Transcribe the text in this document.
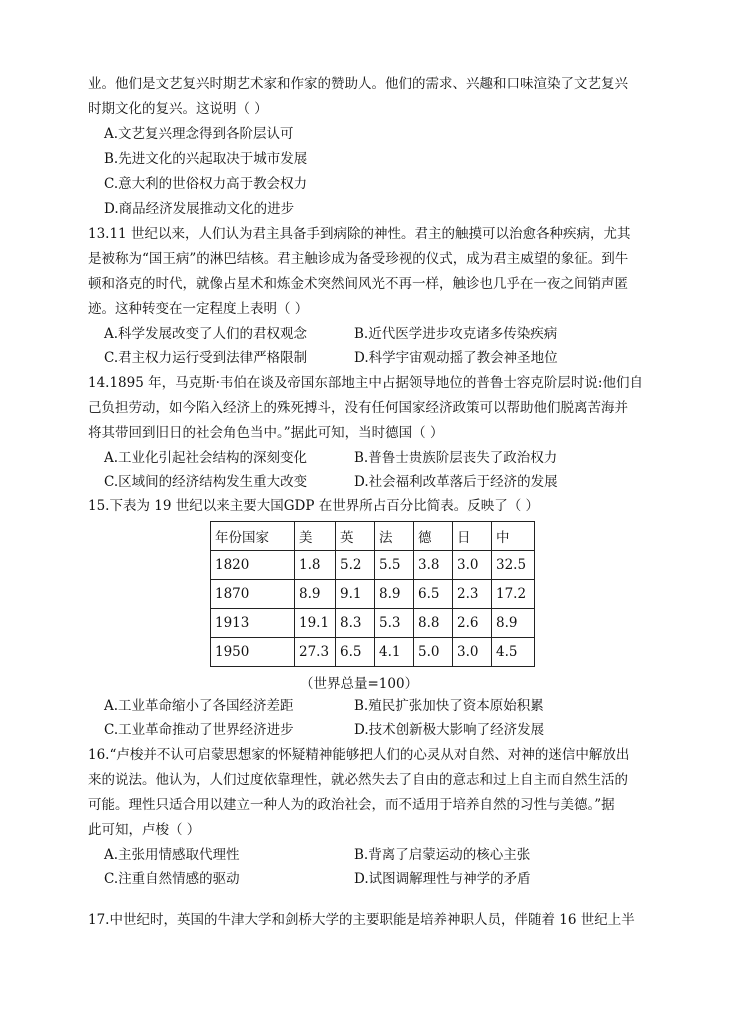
业。他们是文艺复兴时期艺术家和作家的赞助人。他们的需求、兴趣和口味渲染了文艺复兴
时期文化的复兴。这说明（ ）
A.文艺复兴理念得到各阶层认可
B.先进文化的兴起取决于城市发展
C.意大利的世俗权力高于教会权力
D.商品经济发展推动文化的进步
13.11 世纪以来，人们认为君主具备手到病除的神性。君主的触摸可以治愈各种疾病，尤其
是被称为“国王病”的淋巴结核。君主触诊成为备受珍视的仪式，成为君主威望的象征。到牛
顿和洛克的时代，就像占星术和炼金术突然间风光不再一样，触诊也几乎在一夜之间销声匿
迹。这种转变在一定程度上表明（ ）
A.科学发展改变了人们的君权观念	B.近代医学进步攻克诸多传染疾病
C.君主权力运行受到法律严格限制	D.科学宇宙观动摇了教会神圣地位
14.1895 年，马克斯·韦伯在谈及帝国东部地主中占据领导地位的普鲁士容克阶层时说:他们自
己负担劳动，如今陷入经济上的殊死搏斗，没有任何国家经济政策可以帮助他们脱离苦海并
将其带回到旧日的社会角色当中。”据此可知，当时德国（ ）
A.工业化引起社会结构的深刻变化	B.普鲁士贵族阶层丧失了政治权力
C.区域间的经济结构发生重大改变	D.社会福利改革落后于经济的发展
15.下表为 19 世纪以来主要大国GDP 在世界所占百分比简表。反映了（ ）
年份国家	美	英	法	德	日	中
1820	1.8	5.2	5.5	3.8	3.0	32.5
1870	8.9	9.1	8.9	6.5	2.3	17.2
1913	19.1	8.3	5.3	8.8	2.6	8.9
1950	27.3	6.5	4.1	5.0	3.0	4.5
（世界总量=100）
A.工业革命缩小了各国经济差距	B.殖民扩张加快了资本原始积累
C.工业革命推动了世界经济进步	D.技术创新极大影响了经济发展
16.“卢梭并不认可启蒙思想家的怀疑精神能够把人们的心灵从对自然、对神的迷信中解放出
来的说法。他认为，人们过度依靠理性，就必然失去了自由的意志和过上自主而自然生活的
可能。理性只适合用以建立一种人为的政治社会，而不适用于培养自然的习性与美德。”据
此可知，卢梭（ ）
A.主张用情感取代理性	B.背离了启蒙运动的核心主张
C.注重自然情感的驱动	D.试图调解理性与神学的矛盾
17.中世纪时，英国的牛津大学和剑桥大学的主要职能是培养神职人员，伴随着 16 世纪上半
